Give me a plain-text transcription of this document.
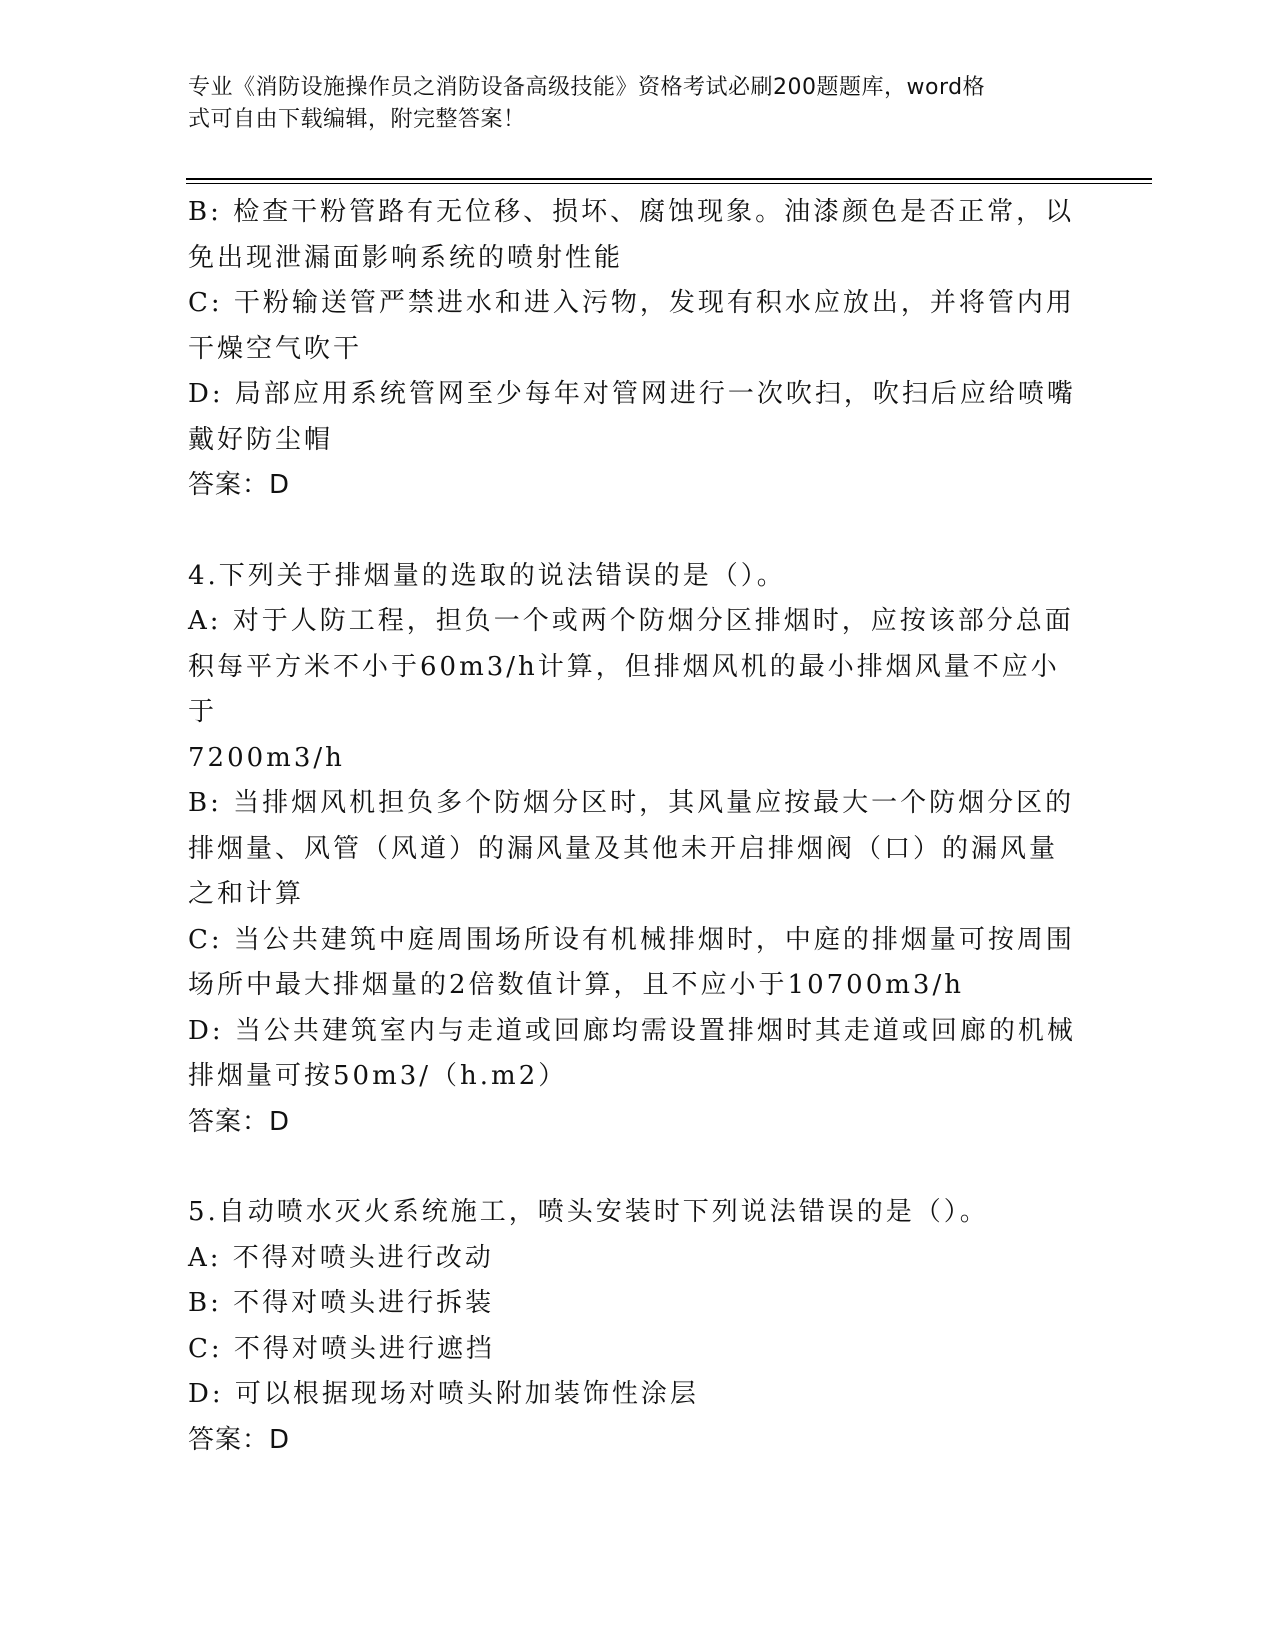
专业《消防设施操作员之消防设备高级技能》资格考试必刷200题题库，word格
式可自由下载编辑，附完整答案！
B: 检查干粉管路有无位移、损坏、腐蚀现象。油漆颜色是否正常，以
免出现泄漏面影响系统的喷射性能
C: 干粉输送管严禁进水和进入污物，发现有积水应放出，并将管内用
干燥空气吹干
D: 局部应用系统管网至少每年对管网进行一次吹扫，吹扫后应给喷嘴
戴好防尘帽
答案：D
4.下列关于排烟量的选取的说法错误的是（）。
A: 对于人防工程，担负一个或两个防烟分区排烟时，应按该部分总面
积每平方米不小于60m3/h计算，但排烟风机的最小排烟风量不应小于
7200m3/h
B: 当排烟风机担负多个防烟分区时，其风量应按最大一个防烟分区的
排烟量、风管（风道）的漏风量及其他未开启排烟阀（口）的漏风量
之和计算
C: 当公共建筑中庭周围场所设有机械排烟时，中庭的排烟量可按周围
场所中最大排烟量的2倍数值计算，且不应小于10700m3/h
D: 当公共建筑室内与走道或回廊均需设置排烟时其走道或回廊的机械
排烟量可按50m3/（h.m2）
答案：D
5.自动喷水灭火系统施工，喷头安装时下列说法错误的是（）。
A: 不得对喷头进行改动
B: 不得对喷头进行拆装
C: 不得对喷头进行遮挡
D: 可以根据现场对喷头附加装饰性涂层
答案：D
